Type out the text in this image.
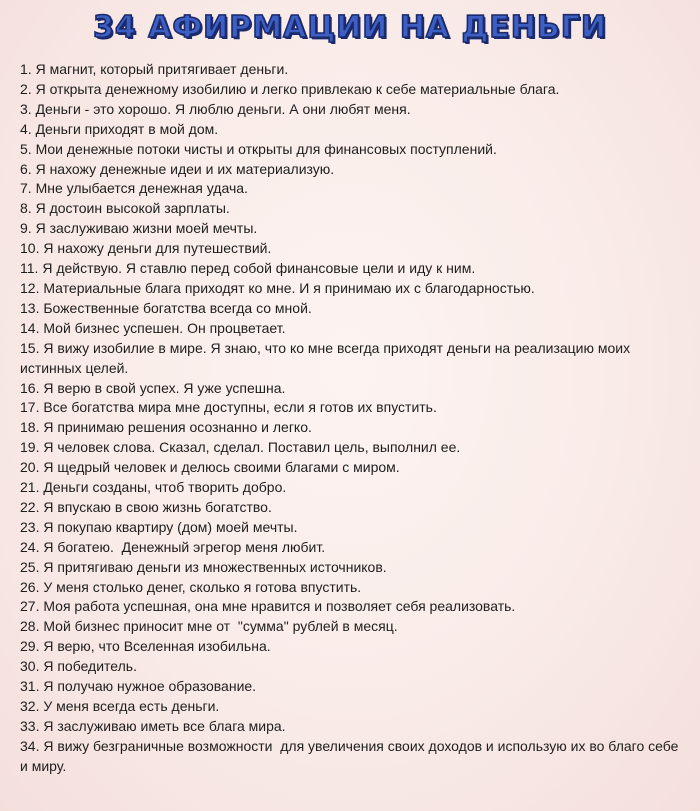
34 АФИРМАЦИИ НА ДЕНЬГИ
1. Я магнит, который притягивает деньги.
2. Я открыта денежному изобилию и легко привлекаю к себе материальные блага.
3. Деньги - это хорошо. Я люблю деньги. А они любят меня.
4. Деньги приходят в мой дом.
5. Мои денежные потоки чисты и открыты для финансовых поступлений.
6. Я нахожу денежные идеи и их материализую.
7. Мне улыбается денежная удача.
8. Я достоин высокой зарплаты.
9. Я заслуживаю жизни моей мечты.
10. Я нахожу деньги для путешествий.
11. Я действую. Я ставлю перед собой финансовые цели и иду к ним.
12. Материальные блага приходят ко мне. И я принимаю их с благодарностью.
13. Божественные богатства всегда со мной.
14. Мой бизнес успешен. Он процветает.
15. Я вижу изобилие в мире. Я знаю, что ко мне всегда приходят деньги на реализацию моих истинных целей.
16. Я верю в свой успех. Я уже успешна.
17. Все богатства мира мне доступны, если я готов их впустить.
18. Я принимаю решения осознанно и легко.
19. Я человек слова. Сказал, сделал. Поставил цель, выполнил ее.
20. Я щедрый человек и делюсь своими благами с миром.
21. Деньги созданы, чтоб творить добро.
22. Я впускаю в свою жизнь богатство.
23. Я покупаю квартиру (дом) моей мечты.
24. Я богатею.  Денежный эгрегор меня любит.
25. Я притягиваю деньги из множественных источников.
26. У меня столько денег, сколько я готова впустить.
27. Моя работа успешная, она мне нравится и позволяет себя реализовать.
28. Мой бизнес приносит мне от  "сумма" рублей в месяц.
29. Я верю, что Вселенная изобильна.
30. Я победитель.
31. Я получаю нужное образование.
32. У меня всегда есть деньги.
33. Я заслуживаю иметь все блага мира.
34. Я вижу безграничные возможности  для увеличения своих доходов и использую их во благо себе и миру.
